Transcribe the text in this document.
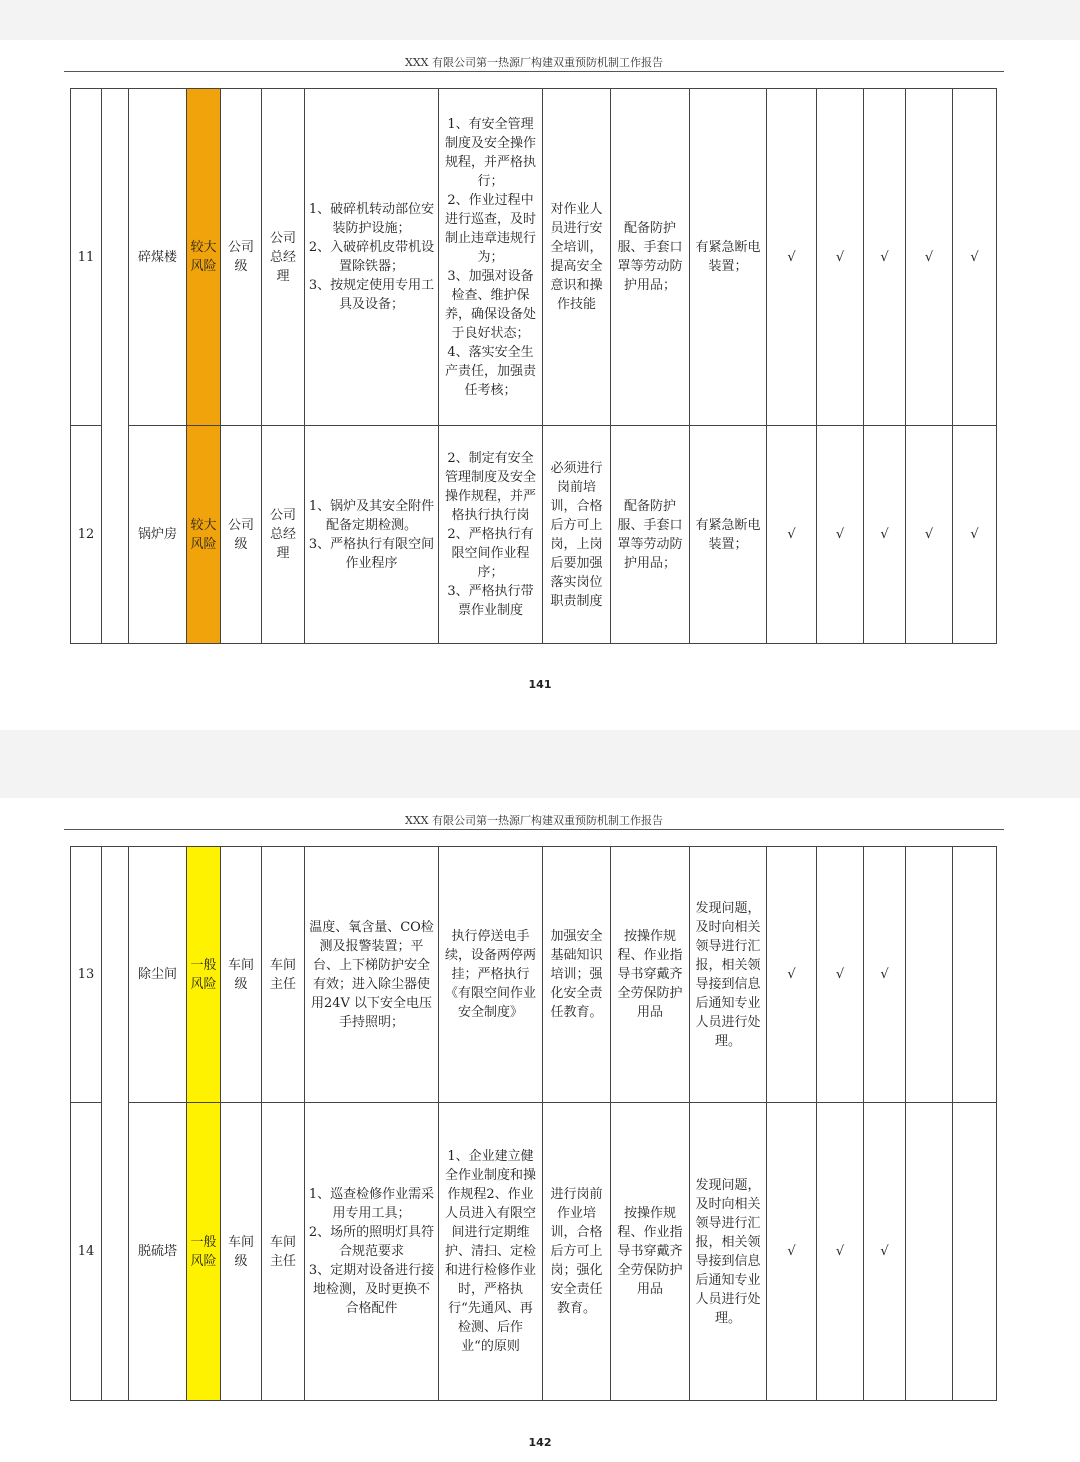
XXX 有限公司第一热源厂构建双重预防机制工作报告
11		碎煤楼	较大风险	公司级	公司总经理	1、破碎机转动部位安装防护设施；
2、入破碎机皮带机设置除铁器；
3、按规定使用专用工具及设备；	1、有安全管理制度及安全操作规程，并严格执行；
2、作业过程中进行巡查，及时制止违章违规行为；
3、加强对设备检查、维护保养，确保设备处于良好状态；
4、落实安全生产责任，加强责任考核；	对作业人员进行安全培训，提高安全意识和操作技能	配备防护服、手套口罩等劳动防护用品；	有紧急断电装置；	√	√	√	√	√
12		锅炉房	较大风险	公司级	公司总经理	1、锅炉及其安全附件配备定期检测。
3、严格执行有限空间作业程序	2、制定有安全管理制度及安全操作规程，并严格执行执行岗2、严格执行有限空间作业程序；
3、严格执行带票作业制度	必须进行岗前培训，合格后方可上岗，上岗后要加强落实岗位职责制度	配备防护服、手套口罩等劳动防护用品；	有紧急断电装置；	√	√	√	√	√
141
XXX 有限公司第一热源厂构建双重预防机制工作报告
13		除尘间	一般风险	车间级	车间主任	温度、氧含量、CO检测及报警装置；平台、上下梯防护安全有效；进入除尘器使用24V 以下安全电压手持照明；	执行停送电手续，设备两停两挂；严格执行《有限空间作业安全制度》	加强安全基础知识培训；强化安全责任教育。	按操作规程、作业指导书穿戴齐全劳保防护用品	发现问题，及时向相关领导进行汇报，相关领导接到信息后通知专业人员进行处理。	√	√	√		
14		脱硫塔	一般风险	车间级	车间主任	1、巡查检修作业需采用专用工具；
2、场所的照明灯具符合规范要求
3、定期对设备进行接地检测，及时更换不合格配件	1、企业建立健全作业制度和操作规程2、作业人员进入有限空间进行定期维护、清扫、定检和进行检修作业时，严格执行“先通风、再检测、后作业“的原则	进行岗前作业培训，合格后方可上岗；强化安全责任教育。	按操作规程、作业指导书穿戴齐全劳保防护用品	发现问题，及时向相关领导进行汇报，相关领导接到信息后通知专业人员进行处理。	√	√	√		
142
